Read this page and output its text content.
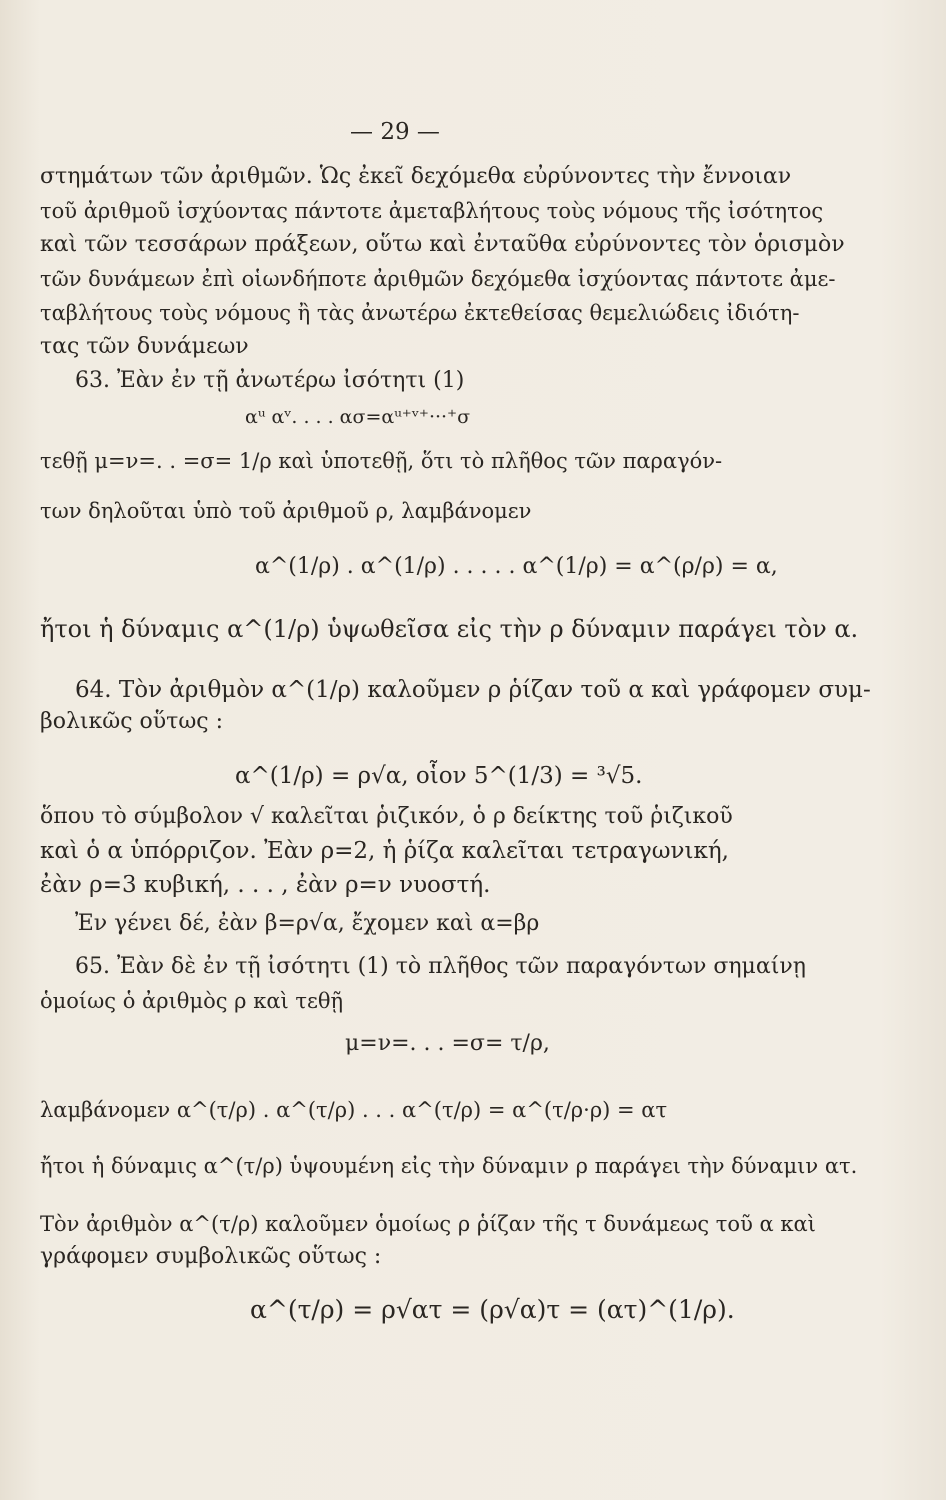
— 29 —
στημάτων τῶν ἀριθμῶν. Ὡς ἐκεῖ δεχόμεθα εὐρύνοντες τὴν ἔννοιαν
τοῦ ἀριθμοῦ ἰσχύοντας πάντοτε ἀμεταβλήτους τοὺς νόμους τῆς ἰσότητος
καὶ τῶν τεσσάρων πράξεων, οὕτω καὶ ἐνταῦθα εὐρύνοντες τὸν ὁρισμὸν
τῶν δυνάμεων ἐπὶ οἱωνδήποτε ἀριθμῶν δεχόμεθα ἰσχύοντας πάντοτε ἀμε-
ταβλήτους τοὺς νόμους ἢ τὰς ἀνωτέρω ἐκτεθείσας θεμελιώδεις ἰδιότη-
τας τῶν δυνάμεων
63. Ἐὰν ἐν τῇ ἀνωτέρω ἰσότητι (1)
αᵘ αᵛ. . . . ασ=αᵘ⁺ᵛ⁺···⁺σ
τεθῇ μ=ν=. . =σ= 1/ρ καὶ ὑποτεθῇ, ὅτι τὸ πλῆθος τῶν παραγόν-
των δηλοῦται ὑπὸ τοῦ ἀριθμοῦ ρ, λαμβάνομεν
α^(1/ρ) . α^(1/ρ) . . . . . α^(1/ρ) = α^(ρ/ρ) = α,
ἤτοι ἡ δύναμις α^(1/ρ) ὑψωθεῖσα εἰς τὴν ρ δύναμιν παράγει τὸν α.
64. Τὸν ἀριθμὸν α^(1/ρ) καλοῦμεν ρ ῥίζαν τοῦ α καὶ γράφομεν συμ-
βολικῶς οὕτως :
α^(1/ρ) = ρ√α, οἷον 5^(1/3) = ³√5.
ὅπου τὸ σύμβολον √ καλεῖται ῥιζικόν, ὁ ρ δείκτης τοῦ ῥιζικοῦ
καὶ ὁ α ὑπόρριζον. Ἐὰν ρ=2, ἡ ῥίζα καλεῖται τετραγωνική,
ἐὰν ρ=3 κυβική, . . . , ἐὰν ρ=ν νυοστή.
Ἐν γένει δέ, ἐὰν β=ρ√α, ἔχομεν καὶ α=βρ
65. Ἐὰν δὲ ἐν τῇ ἰσότητι (1) τὸ πλῆθος τῶν παραγόντων σημαίνῃ
ὁμοίως ὁ ἀριθμὸς ρ καὶ τεθῇ
μ=ν=. . . =σ= τ/ρ,
λαμβάνομεν α^(τ/ρ) . α^(τ/ρ) . . . α^(τ/ρ) = α^(τ/ρ·ρ) = ατ
ἤτοι ἡ δύναμις α^(τ/ρ) ὑψουμένη εἰς τὴν δύναμιν ρ παράγει τὴν δύναμιν ατ.
Τὸν ἀριθμὸν α^(τ/ρ) καλοῦμεν ὁμοίως ρ ῥίζαν τῆς τ δυνάμεως τοῦ α καὶ
γράφομεν συμβολικῶς οὕτως :
α^(τ/ρ) = ρ√ατ = (ρ√α)τ = (ατ)^(1/ρ).
